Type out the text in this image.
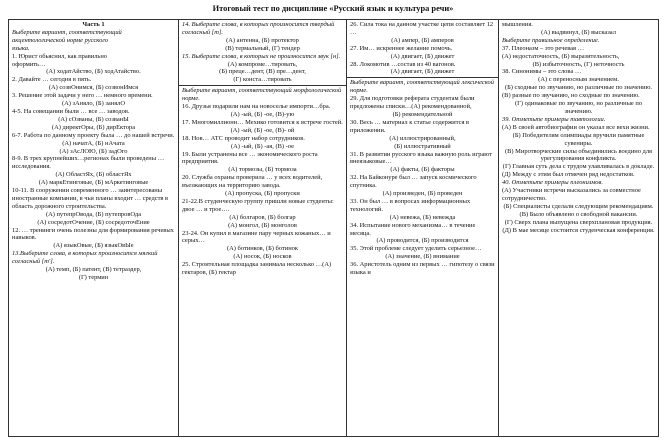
Итоговый тест по дисциплине «Русский язык и культура речи»
Часть 1
Выберите вариант, соответствующий
акцентологической норме русского
языка.
1. Юрист обьяснил, как правильно
оформить…
(А) ходатАйство, (Б) ходАтайство.
2. Давайте … сегодня в пять.
(А) созвОнимся, (Б) созвонИмся
3. Решение этой задачи у него … немного времени.
(А) зАняло, (Б) занялО
4-5. На совещании были … все … заводов.
(А) сОзваны, (Б) созванЫ
(А) директОры, (Б) дирЕктора
6-7. Работа по данному проекту была … до нашей встречи.
(А) начатА, (Б) нАчата
(А) зАсЛОЮ, (Б) задОго
8-9. В трех крупнейших…регионах были проведены … исследования.
(А) ОбластЯх, (Б) областЯх
(А) маркЕтинговые, (Б) мАркетинговые
10-11. В сооружении современного … заинтересованы иностранные компании, в чьи планы входит … средств в область дорожного строительства.
(А) путепрОвода, (Б) путепровОда
(А) сосредотОчение, (Б) сосредоточЕние
12. … тренинги очень полезны для формирования речевых навыков.
(А) языкОвые, (Б) языкОвЫе
13.Выберите слова, в которых произносится мягкий согласный [т'].
(А) темп, (Б) патент, (В) тетраэдер,
(Г) термин

14. Выберите слова, в которых произносится твердый согласный [т].
(А) антенна, (Б) протектор
(В) термальный, (Г) тендер
15. Выберите слова, в которых не произносится звук [н].
(А) компроме…тировать,
(Б) преце…дент, (В) пре…дент,
(Г) конста…тировать
Выберите вариант, соответствующий морфологической норме.
16. Друзья подарили нам на новоселье импорти…бра.
(А) -ый, (Б) -ое, (В)-ую
17. Многомиллионн… Мехико готовится к встрече гостей.
(А) -ый, (Б) -ое, (В)- ой
18. Нов… АТС проводит набор сотрудников.
(А) -ый, (Б) -ая, (В) -ое
19. Были устранены все … экономического роста предприятия.
(А) тормозы, (Б) тормоза
20. Служба охраны проверила … у всех водителей, въезжающих на территорию завода.
(А) пропуска, (Б) пропуски
21-22.В студенческую группу пришли новые студенты: двое … и трое….
(А) болгаров, (Б) болгар
(А) монгол, (Б) монголов
23-24. Он купил в магазине пару черных кожаных… и серых…
(А) ботинков, (Б) ботинок
(А) носок, (Б) носков
25. Строительная площадка занимала несколько …(А) гектаров, (Б) гектар

26. Сила тока на данном участке цепи составляет 12 …
(А) ампер, (Б) амперов
27. Им… искреннее желание помочь.
(А) двигает, (Б) движет
28. Локомотив …состав из 40 вагонов.
(А) двигает, (Б) движет
Выберите вариант, соответствующий лексической норме.
29. Для подготовки реферата студентам были предложены списки…(А) рекомендованной,
(Б) рекомендательной
30. Весь … материал к статье содержится в приложении.
(А) иллюстрированный,
(Б) иллюстративный
31. В развитии русского языка важную роль играют внеязыковые…
(А) факты, (Б) факторы
32. На Байконуре был … запуск космического спутника.
(А) произведен, (Б) проведен
33. Он был … в вопросах информационных технологий.
(А) невежа, (Б) невежда
34. Испытание нового механизма… в течение месяца.
(А) проводится, (Б) производится
35. Этой проблеме следует уделить серьезное…
(А) значение, (Б) внимание
36. Аристотель одним из первых … гипотезу о связи языка и

мышления.
(А) выдвинул, (Б) высказал
Выберите правильное определение.
37. Плеоназм – это речевая …
(А) недостаточность, (Б) выразительность,
(В) избыточность, (Г) неточность
38. Синонимы – это слова …
(А) с переносным значением.
(Б) сходные по звучанию, но различные по значению.
(В) разные по звучанию, но сходные по значению.
(Г) одинаковые по звучанию, но различные по значению.
39. Отметьте примеры тавтологии.
(А) В своей автобиографии он указал все вехи жизни.
(Б) Победителям олимпиады вручили памятные сувениры.
(В) Миротворческие силы объединились воедино для урегулирования конфликта.
(Г) Главная суть дела с трудом улавливалась в докладе.
(Д) Между с этим был отмечен ряд недостатков.
40. Отметьте примеры плеонизмов.
(А) Участники встречи высказались за совместное сотрудничество.
(Б) Специалисты сделали следующим рекомендациям.
(В) Было объявлено о свободной вакансии.
(Г) Сверх плана выпущена сверхплановая продукция.
(Д) В мае месяце состоится студенческая конференция.
